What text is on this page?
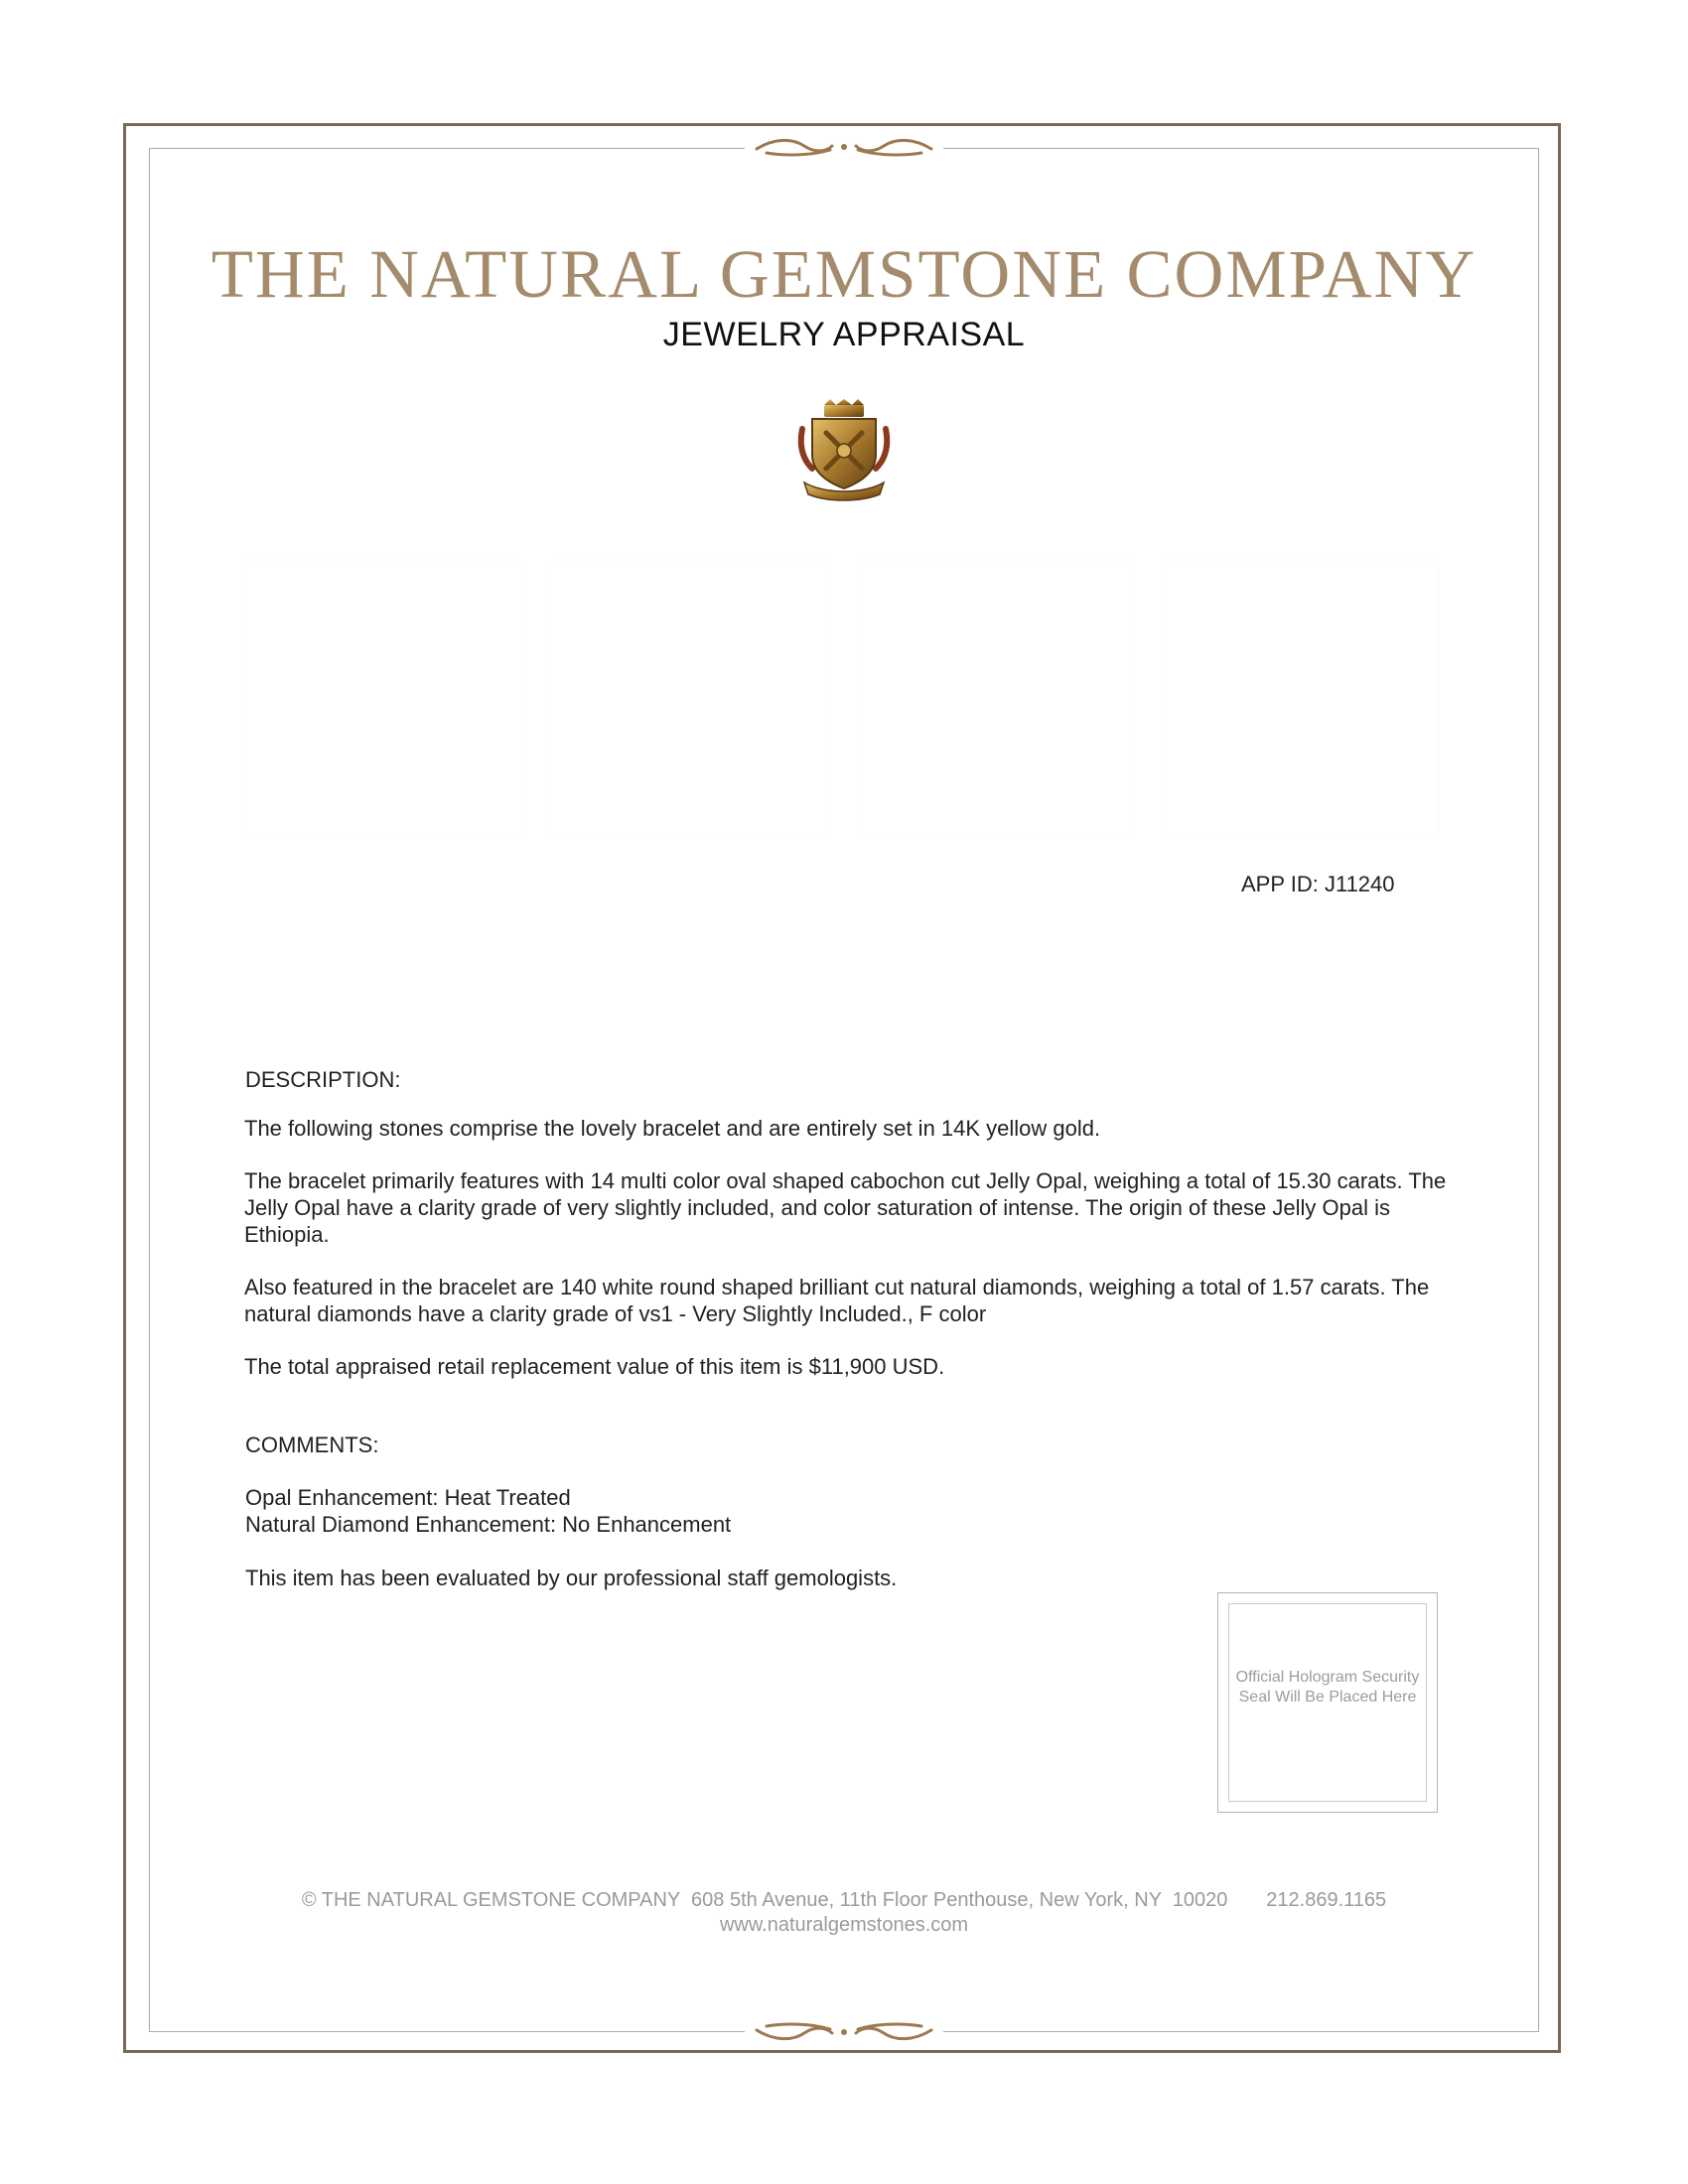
THE NATURAL GEMSTONE COMPANY
JEWELRY APPRAISAL
APP ID: J11240
DESCRIPTION:

The following stones comprise the lovely bracelet and are entirely set in 14K yellow gold.

The bracelet primarily features with 14 multi color oval shaped cabochon cut Jelly Opal, weighing a total of 15.30 carats. The Jelly Opal have a clarity grade of very slightly included, and color saturation of intense. The origin of these Jelly Opal is Ethiopia.

Also featured in the bracelet are 140 white round shaped brilliant cut natural diamonds, weighing a total of 1.57 carats. The natural diamonds have a clarity grade of vs1 - Very Slightly Included., F color

The total appraised retail replacement value of this item is $11,900 USD.

COMMENTS:
Opal Enhancement: Heat Treated
Natural Diamond Enhancement: No Enhancement
This item has been evaluated by our professional staff gemologists.
Official Hologram Security Seal Will Be Placed Here
© THE NATURAL GEMSTONE COMPANY  608 5th Avenue, 11th Floor Penthouse, New York, NY  10020       212.869.1165
www.naturalgemstones.com
